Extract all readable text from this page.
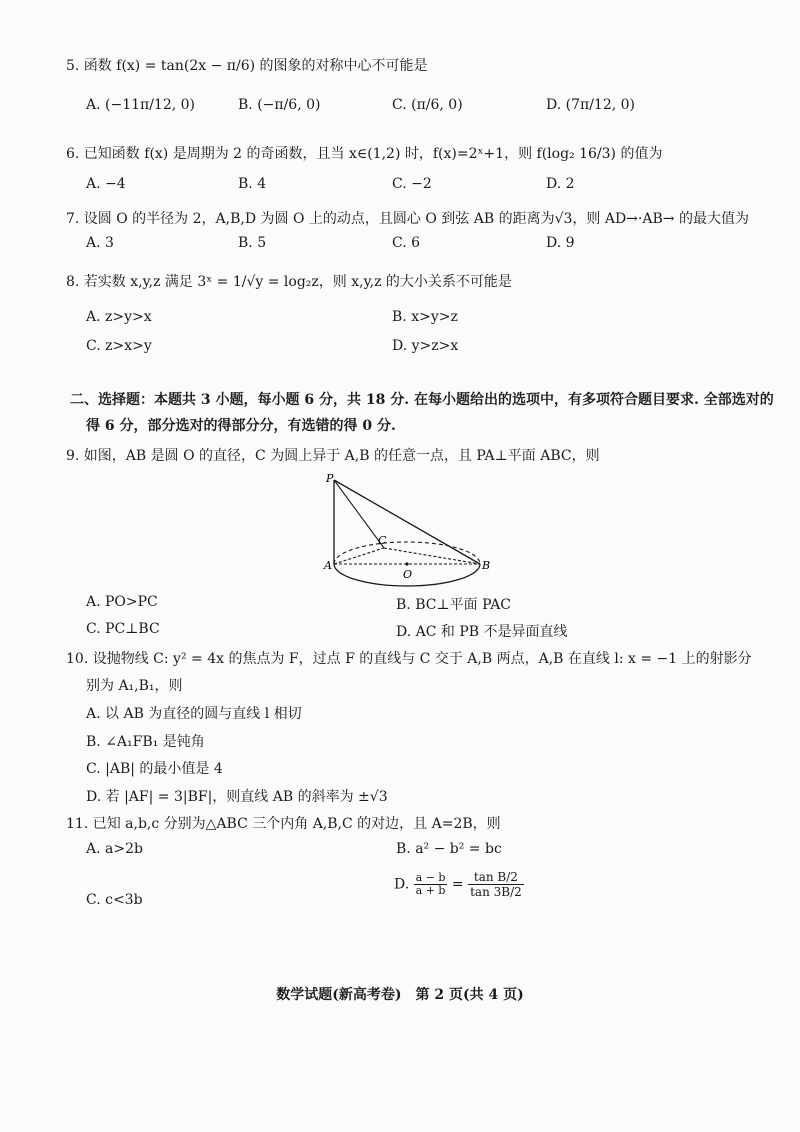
5. 函数 f(x) = tan(2x − π/6) 的图象的对称中心不可能是
A. (−11π/12, 0)	B. (−π/6, 0)	C. (π/6, 0)	D. (7π/12, 0)
6. 已知函数 f(x) 是周期为 2 的奇函数，且当 x∈(1,2) 时，f(x)=2ˣ+1，则 f(log₂ 16/3) 的值为
A. −4	B. 4	C. −2	D. 2
7. 设圆 O 的半径为 2，A,B,D 为圆 O 上的动点，且圆心 O 到弦 AB 的距离为√3，则 AD→·AB→ 的最大值为
A. 3	B. 5	C. 6	D. 9
8. 若实数 x,y,z 满足 3ˣ = 1/√y = log₂z，则 x,y,z 的大小关系不可能是
A. z>y>x	B. x>y>z
C. z>x>y	D. y>z>x
二、选择题：本题共 3 小题，每小题 6 分，共 18 分. 在每小题给出的选项中，有多项符合题目要求. 全部选对的
得 6 分，部分选对的得部分分，有选错的得 0 分.
9. 如图，AB 是圆 O 的直径，C 为圆上异于 A,B 的任意一点，且 PA⊥平面 ABC，则
P
A	B
C
O
A. PO>PC	B. BC⊥平面 PAC
C. PC⊥BC	D. AC 和 PB 不是异面直线
10. 设抛物线 C: y² = 4x 的焦点为 F，过点 F 的直线与 C 交于 A,B 两点，A,B 在直线 l: x = −1 上的射影分
别为 A₁,B₁，则
A. 以 AB 为直径的圆与直线 l 相切
B. ∠A₁FB₁ 是钝角
C. |AB| 的最小值是 4
D. 若 |AF| = 3|BF|，则直线 AB 的斜率为 ±√3
11. 已知 a,b,c 分别为△ABC 三个内角 A,B,C 的对边，且 A=2B，则
A. a>2b	B. a² − b² = bc
C. c<3b
D. $\frac{a - b}{a + b} = \frac{\text{tan B/2}}{\tan 3B/2}$
数学试题(新高考卷)　第 2 页(共 4 页)
